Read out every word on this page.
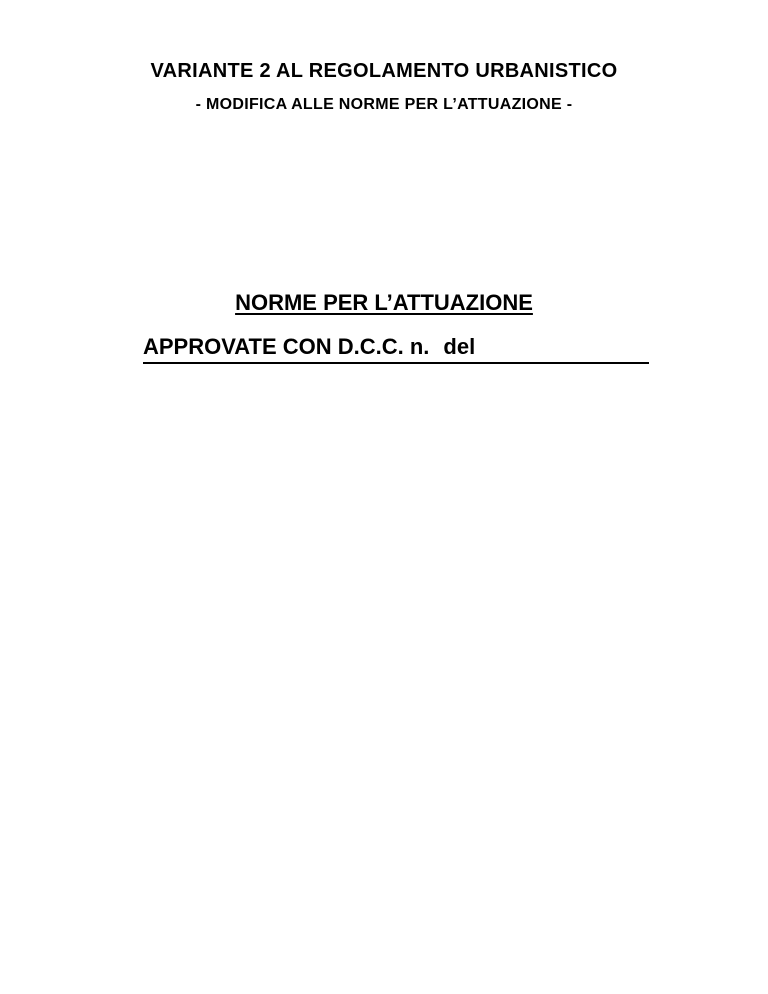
VARIANTE 2 AL REGOLAMENTO URBANISTICO
- MODIFICA ALLE NORME PER L’ATTUAZIONE -
NORME PER L’ATTUAZIONE
APPROVATE CON D.C.C. n. del
